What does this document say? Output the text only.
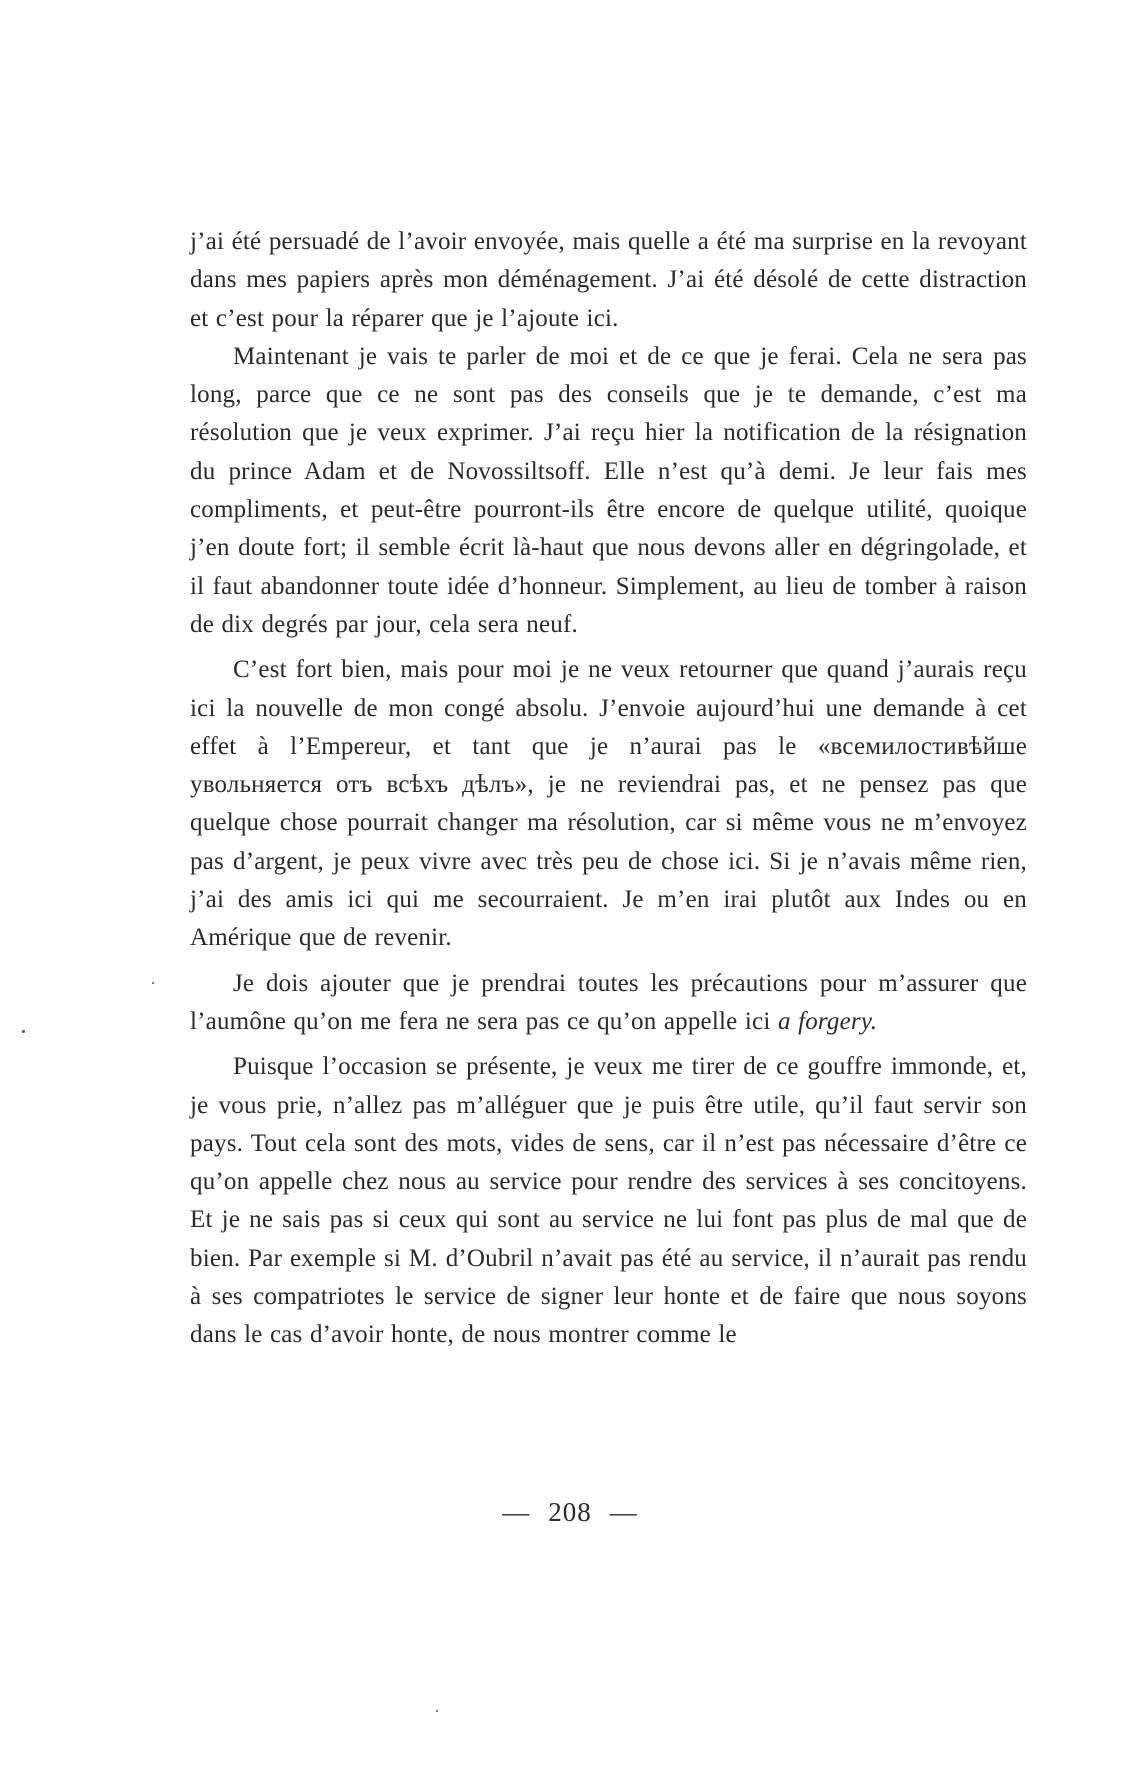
j’ai été persuadé de l’avoir envoyée, mais quelle a été ma surprise en la revoyant dans mes papiers après mon déménagement. J’ai été désolé de cette distraction et c’est pour la réparer que je l’ajoute ici.

Maintenant je vais te parler de moi et de ce que je ferai. Cela ne sera pas long, parce que ce ne sont pas des conseils que je te demande, c’est ma résolution que je veux exprimer. J’ai reçu hier la notification de la résignation du prince Adam et de Novossiltsoff. Elle n’est qu’à demi. Je leur fais mes compliments, et peut-être pourront-ils être encore de quelque utilité, quoique j’en doute fort; il semble écrit là-haut que nous devons aller en dégringolade, et il faut abandonner toute idée d’honneur. Simplement, au lieu de tomber à raison de dix degrés par jour, cela sera neuf.

C’est fort bien, mais pour moi je ne veux retourner que quand j’aurais reçu ici la nouvelle de mon congé absolu. J’envoie aujourd’hui une demande à cet effet à l’Empereur, et tant que je n’aurai pas le «всемилостивѣйше увольняется отъ всѣхъ дѣлъ», je ne reviendrai pas, et ne pensez pas que quelque chose pourrait changer ma résolution, car si même vous ne m’envoyez pas d’argent, je peux vivre avec très peu de chose ici. Si je n’avais même rien, j’ai des amis ici qui me secourraient. Je m’en irai plutôt aux Indes ou en Amérique que de revenir.

Je dois ajouter que je prendrai toutes les précautions pour m’assurer que l’aumône qu’on me fera ne sera pas ce qu’on appelle ici a forgery.

Puisque l’occasion se présente, je veux me tirer de ce gouffre immonde, et, je vous prie, n’allez pas m’alléguer que je puis être utile, qu’il faut servir son pays. Tout cela sont des mots, vides de sens, car il n’est pas nécessaire d’être ce qu’on appelle chez nous au service pour rendre des services à ses concitoyens. Et je ne sais pas si ceux qui sont au service ne lui font pas plus de mal que de bien. Par exemple si M. d’Oubril n’avait pas été au service, il n’aurait pas rendu à ses compatriotes le service de signer leur honte et de faire que nous soyons dans le cas d’avoir honte, de nous montrer comme le

— 208 —
